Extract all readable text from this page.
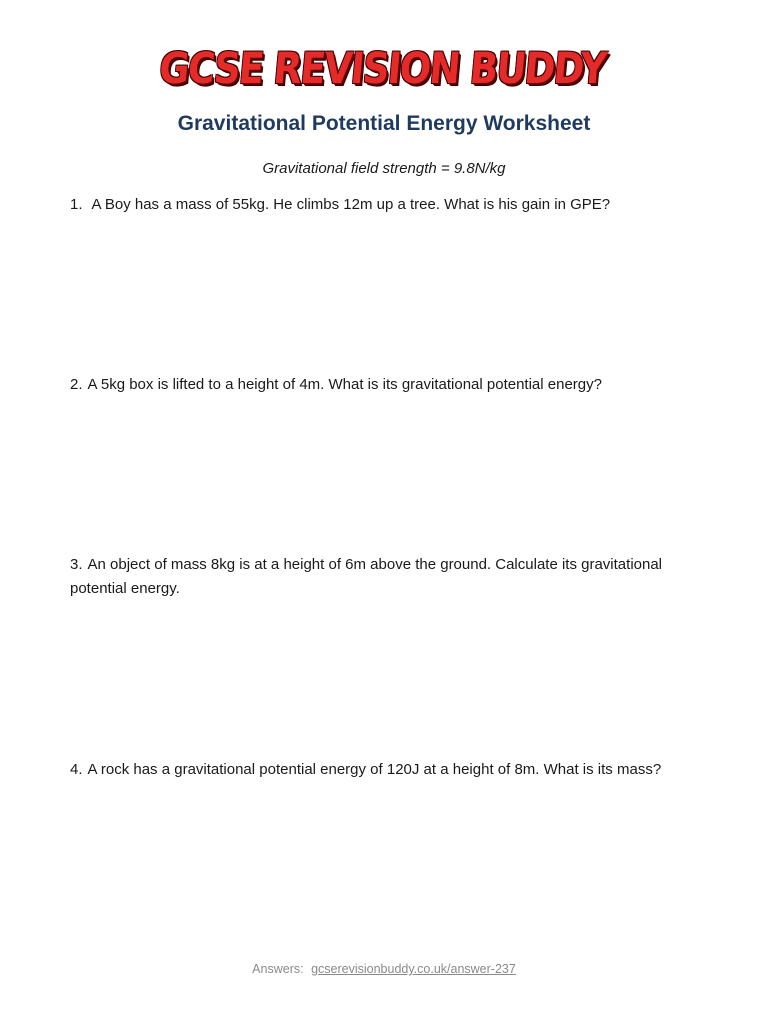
GCSE REVISION BUDDY
Gravitational Potential Energy Worksheet
Gravitational field strength = 9.8N/kg
1. A Boy has a mass of 55kg. He climbs 12m up a tree. What is his gain in GPE?
2. A 5kg box is lifted to a height of 4m. What is its gravitational potential energy?
3. An object of mass 8kg is at a height of 6m above the ground. Calculate its gravitational potential energy.
4. A rock has a gravitational potential energy of 120J at a height of 8m. What is its mass?
Answers: gcserevisionbuddy.co.uk/answer-237
